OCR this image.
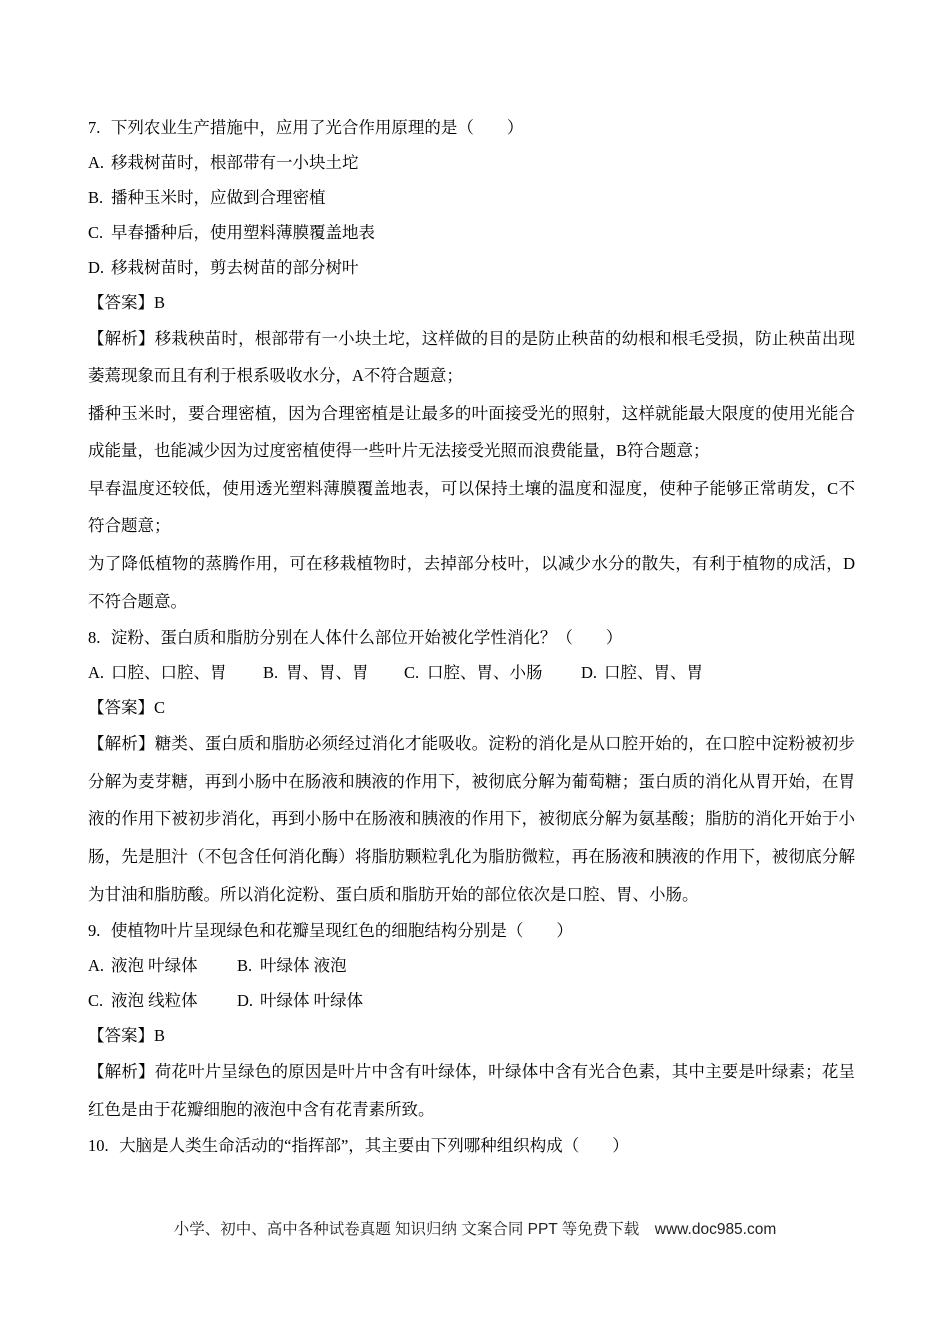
7. 下列农业生产措施中，应用了光合作用原理的是（　　）
A. 移栽树苗时，根部带有一小块土坨
B. 播种玉米时，应做到合理密植
C. 早春播种后，使用塑料薄膜覆盖地表
D. 移栽树苗时，剪去树苗的部分树叶
【答案】B
【解析】移栽秧苗时，根部带有一小块土坨，这样做的目的是防止秧苗的幼根和根毛受损，防止秧苗出现
萎蔫现象而且有利于根系吸收水分，A不符合题意；
播种玉米时，要合理密植，因为合理密植是让最多的叶面接受光的照射，这样就能最大限度的使用光能合
成能量，也能减少因为过度密植使得一些叶片无法接受光照而浪费能量，B符合题意；
早春温度还较低，使用透光塑料薄膜覆盖地表，可以保持土壤的温度和湿度，使种子能够正常萌发，C不
符合题意；
为了降低植物的蒸腾作用，可在移栽植物时，去掉部分枝叶，以减少水分的散失，有利于植物的成活，D
不符合题意。
8. 淀粉、蛋白质和脂肪分别在人体什么部位开始被化学性消化？（　　）
A. 口腔、口腔、胃 B. 胃、胃、胃 C. 口腔、胃、小肠 D. 口腔、胃、胃
【答案】C
【解析】糖类、蛋白质和脂肪必须经过消化才能吸收。淀粉的消化是从口腔开始的，在口腔中淀粉被初步
分解为麦芽糖，再到小肠中在肠液和胰液的作用下，被彻底分解为葡萄糖；蛋白质的消化从胃开始，在胃
液的作用下被初步消化，再到小肠中在肠液和胰液的作用下，被彻底分解为氨基酸；脂肪的消化开始于小
肠，先是胆汁（不包含任何消化酶）将脂肪颗粒乳化为脂肪微粒，再在肠液和胰液的作用下，被彻底分解
为甘油和脂肪酸。所以消化淀粉、蛋白质和脂肪开始的部位依次是口腔、胃、小肠。
9. 使植物叶片呈现绿色和花瓣呈现红色的细胞结构分别是（　　）
A. 液泡 叶绿体 B. 叶绿体 液泡
C. 液泡 线粒体 D. 叶绿体 叶绿体
【答案】B
【解析】荷花叶片呈绿色的原因是叶片中含有叶绿体，叶绿体中含有光合色素，其中主要是叶绿素；花呈
红色是由于花瓣细胞的液泡中含有花青素所致。
10. 大脑是人类生命活动的“指挥部”，其主要由下列哪种组织构成（　　）
小学、初中、高中各种试卷真题 知识归纳 文案合同 PPT 等免费下载　www.doc985.com
